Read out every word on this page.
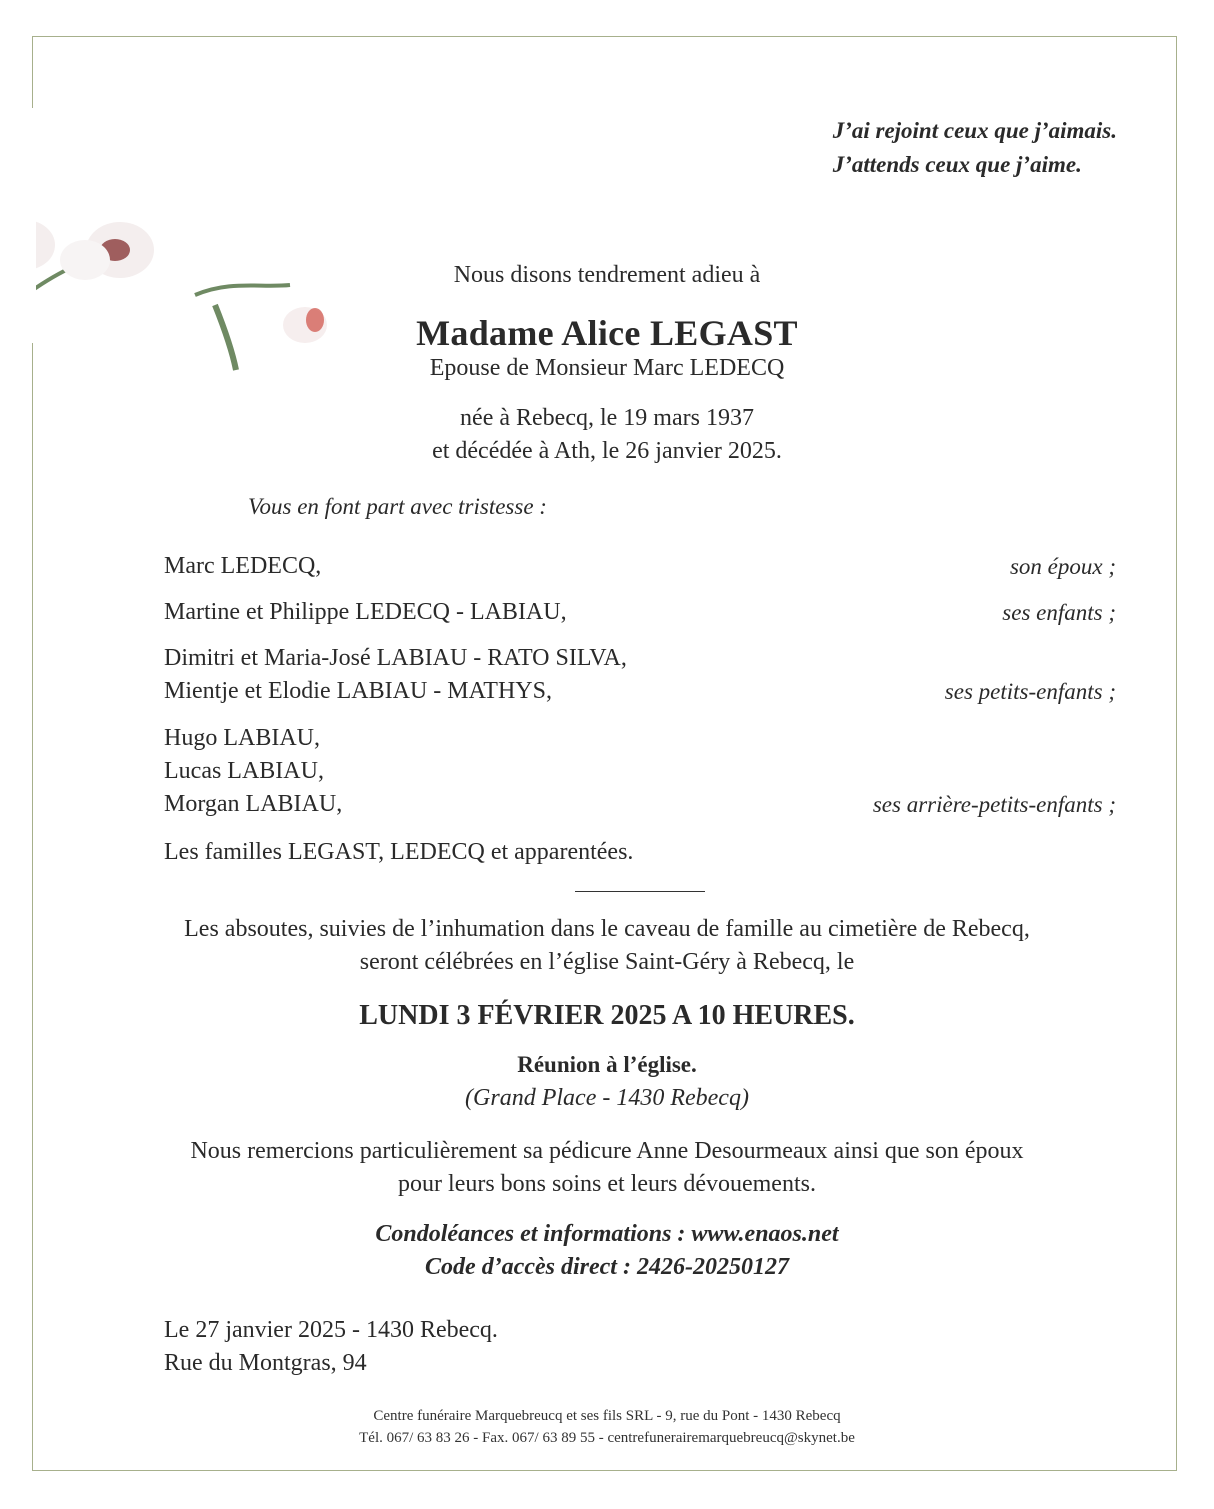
J’ai rejoint ceux que j’aimais.
J’attends ceux que j’aime.
Nous disons tendrement adieu à
Madame Alice LEGAST
Epouse de Monsieur Marc LEDECQ
née à Rebecq, le 19 mars 1937
et décédée à Ath, le 26 janvier 2025.
Vous en font part avec tristesse :
Marc LEDECQ,	son époux ;
Martine et Philippe LEDECQ - LABIAU,	ses enfants ;
Dimitri et Maria-José LABIAU - RATO SILVA,
Mientje et Elodie LABIAU - MATHYS,	ses petits-enfants ;
Hugo LABIAU,
Lucas LABIAU,
Morgan LABIAU,	ses arrière-petits-enfants ;
Les familles LEGAST, LEDECQ et apparentées.
Les absoutes, suivies de l’inhumation dans le caveau de famille au cimetière de Rebecq,
seront célébrées en l’église Saint-Géry à Rebecq, le
LUNDI 3 FÉVRIER 2025 A 10 HEURES.
Réunion à l’église.
(Grand Place - 1430 Rebecq)
Nous remercions particulièrement sa pédicure Anne Desourmeaux ainsi que son époux
pour leurs bons soins et leurs dévouements.
Condoléances et informations : www.enaos.net
Code d’accès direct : 2426-20250127
Le 27 janvier 2025 - 1430 Rebecq.
Rue du Montgras, 94
Centre funéraire Marquebreucq et ses fils SRL - 9, rue du Pont - 1430 Rebecq
Tél. 067/ 63 83 26 - Fax. 067/ 63 89 55 - centrefunerairemarquebreucq@skynet.be
